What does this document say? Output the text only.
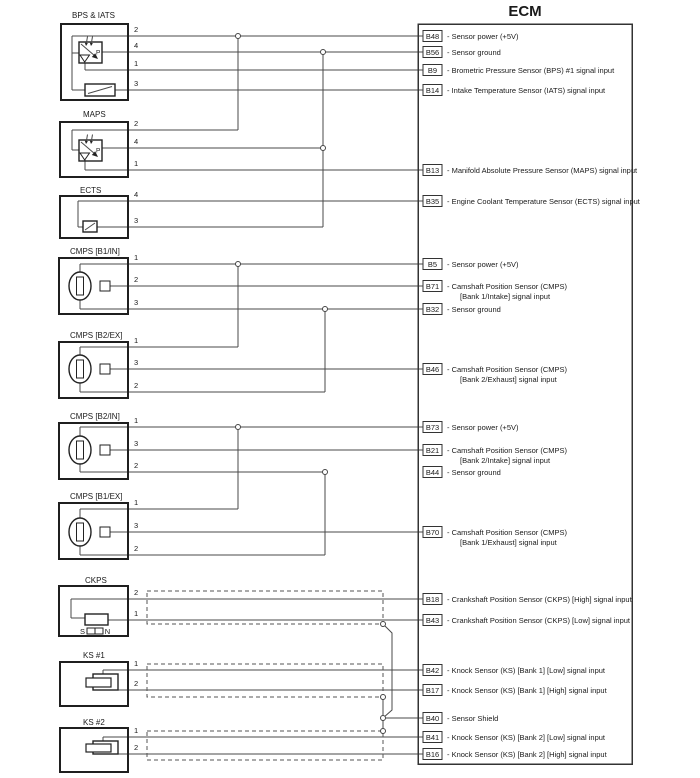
ECM
B48 - Sensor power (+5V)
B56 - Sensor ground
B9 - Brometric Pressure Sensor (BPS) #1 signal input
B14 - Intake Temperature Sensor (IATS) signal input
B13 - Manifold Absolute Pressure Sensor (MAPS) signal input
B35 - Engine Coolant Temperature Sensor (ECTS) signal input
B5 - Sensor power (+5V)
B71 - Camshaft Position Sensor (CMPS)
[Bank 1/Intake] signal input
B32 - Sensor ground
B46 - Camshaft Position Sensor (CMPS)
[Bank 2/Exhaust] signal input
B73 - Sensor power (+5V)
B21 - Camshaft Position Sensor (CMPS)
[Bank 2/Intake] signal input
B44 - Sensor ground
B70 - Camshaft Position Sensor (CMPS)
[Bank 1/Exhaust] signal input
B18 - Crankshaft Position Sensor (CKPS) [High] signal input
B43 - Crankshaft Position Sensor (CKPS) [Low] signal input
B42 - Knock Sensor (KS) [Bank 1] [Low] signal input
B17 - Knock Sensor (KS) [Bank 1] [High] signal input
B40 - Sensor Shield
B41 - Knock Sensor (KS) [Bank 2] [Low] signal input
B16 - Knock Sensor (KS) [Bank 2] [High] signal input
BPS & IATS
MAPS
ECTS
CMPS [B1/IN]
CMPS [B2/EX]
CMPS [B2/IN]
CMPS [B1/EX]
CKPS
KS #1
KS #2
2
4
1
3
2
4
1
4
3
1
2
3
1
3
2
1
3
2
1
3
2
2
1
1
2
1
2
S	N
